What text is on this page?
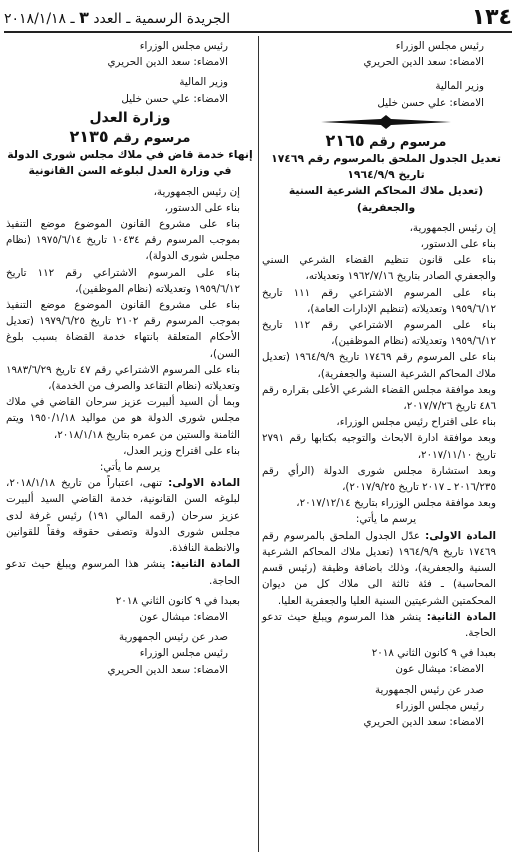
١٣٤
الجريدة الرسمية ـ العدد ٣ ـ ٢٠١٨/١/١٨

رئيس مجلس الوزراء

الامضاء: سعد الدين الحريري

وزير المالية

الامضاء: علي حسن خليل

مرسوم رقم ٢١٦٥

تعديل الجدول الملحق بالمرسوم رقم ١٧٤٦٩

تاريخ ١٩٦٤/٩/٩

(تعديل ملاك المحاكم الشرعية السنية والجعفرية)

إن رئيس الجمهورية،

بناء على الدستور،

بناء على قانون تنظيم القضاء الشرعي السني والجعفري الصادر بتاريخ ١٩٦٢/٧/١٦ وتعديلاته،

بناء على المرسوم الاشتراعي رقم ١١١ تاريخ ١٩٥٩/٦/١٢ وتعديلاته (تنظيم الإدارات العامة)،

بناء على المرسوم الاشتراعي رقم ١١٢ تاريخ ١٩٥٩/٦/١٢ وتعديلاته (نظام الموظفين)،

بناء على المرسوم رقم ١٧٤٦٩ تاريخ ١٩٦٤/٩/٩ (تعديل ملاك المحاكم الشرعية السنية والجعفرية)،

وبعد موافقة مجلس القضاء الشرعي الأعلى بقراره رقم ٤٨٦ تاريخ ٢٠١٧/٧/٢٦،

بناء على اقتراح رئيس مجلس الوزراء،

وبعد موافقة ادارة الابحاث والتوجيه بكتابها رقم ٢٧٩١ تاريخ ٢٠١٧/١١/١٠،

وبعد استشارة مجلس شورى الدولة (الرأي رقم ٢٠١٦/٢٣٥ ـ ٢٠١٧ تاريخ ٢٠١٧/٩/٢٥)،

وبعد موافقة مجلس الوزراء بتاريخ ٢٠١٧/١٢/١٤،

يرسم ما يأتي:

المادة الاولى: عدّل الجدول الملحق بالمرسوم رقم ١٧٤٦٩ تاريخ ١٩٦٤/٩/٩ (تعديل ملاك المحاكم الشرعية السنية والجعفرية)، وذلك باضافة وظيفة (رئيس قسم المحاسبة) ـ فئة ثالثة الى ملاك كل من ديوان المحكمتين الشرعيتين السنية العليا والجعفرية العليا.

المادة الثانية: ينشر هذا المرسوم ويبلغ حيث تدعو الحاجة.

بعبدا في ٩ كانون الثاني ٢٠١٨

الامضاء: ميشال عون

صدر عن رئيس الجمهورية

رئيس مجلس الوزراء

الامضاء: سعد الدين الحريري

رئيس مجلس الوزراء

الامضاء: سعد الدين الحريري

وزير المالية

الامضاء: علي حسن خليل

وزارة العدل

مرسوم رقم ٢١٣٥

إنهاء خدمة قاض في ملاك مجلس شورى الدولة

في وزارة العدل لبلوغه السن القانونية

إن رئيس الجمهورية،

بناء على الدستور،

بناء على مشروع القانون الموضوع موضع التنفيذ بموجب المرسوم رقم ١٠٤٣٤ تاريخ ١٩٧٥/٦/١٤ (نظام مجلس شورى الدولة)،

بناء على المرسوم الاشتراعي رقم ١١٢ تاريخ ١٩٥٩/٦/١٢ وتعديلاته (نظام الموظفين)،

بناء على مشروع القانون الموضوع موضع التنفيذ بموجب المرسوم رقم ٢١٠٢ تاريخ ١٩٧٩/٦/٢٥ (تعديل الأحكام المتعلقة بانتهاء خدمة القضاة بسبب بلوغ السن)،

بناء على المرسوم الاشتراعي رقم ٤٧ تاريخ ١٩٨٣/٦/٢٩ وتعديلاته (نظام التقاعد والصرف من الخدمة)،

وبما أن السيد ألبيرت عزيز سرحان القاضي في ملاك مجلس شورى الدولة هو من مواليد ١٩٥٠/١/١٨ ويتم الثامنة والستين من عمره بتاريخ ٢٠١٨/١/١٨،

بناء على اقتراح وزير العدل،

يرسم ما يأتي:

المادة الاولى: تنهى، اعتباراً من تاريخ ٢٠١٨/١/١٨، لبلوغه السن القانونية، خدمة القاضي السيد ألبيرت عزيز سرحان (رقمه المالي ١٩١) رئيس غرفة لدى مجلس شورى الدولة وتصفى حقوقه وفقاً للقوانين والانظمة النافذة.

المادة الثانية: ينشر هذا المرسوم ويبلغ حيث تدعو الحاجة.

بعبدا في ٩ كانون الثاني ٢٠١٨

الامضاء: ميشال عون

صدر عن رئيس الجمهورية

رئيس مجلس الوزراء

الامضاء: سعد الدين الحريري
